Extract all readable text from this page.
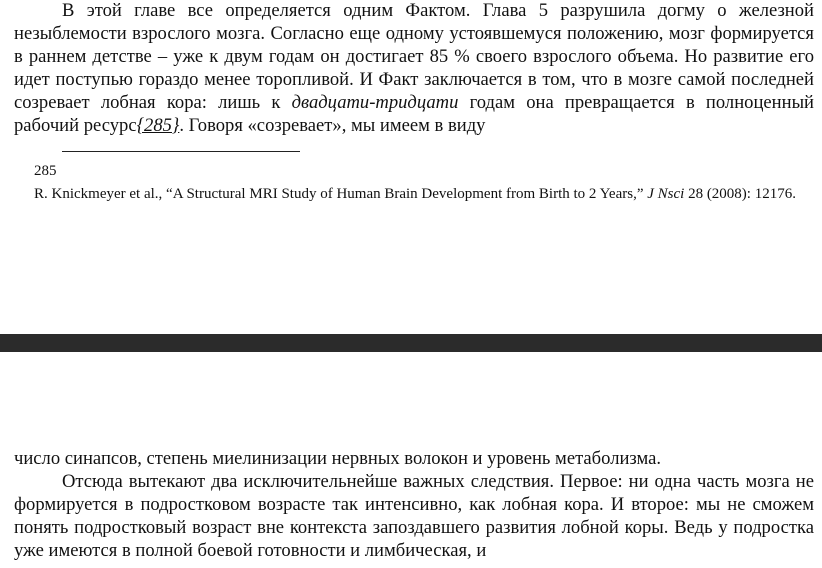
В этой главе все определяется одним Фактом. Глава 5 разрушила догму о железной незыблемости взрослого мозга. Согласно еще одному устоявшемуся положению, мозг формируется в раннем детстве – уже к двум годам он достигает 85 % своего взрослого объема. Но развитие его идет поступью гораздо менее торопливой. И Факт заключается в том, что в мозге самой последней созревает лобная кора: лишь к двадцати-тридцати годам она превращается в полноценный рабочий ресурс{285}. Говоря «созревает», мы имеем в виду

285

R. Knickmeyer et al., “A Structural MRI Study of Human Brain Development from Birth to 2 Years,” J Nsci 28 (2008): 12176.

число синапсов, степень миелинизации нервных волокон и уровень метаболизма.

Отсюда вытекают два исключительнейше важных следствия. Первое: ни одна часть мозга не формируется в подростковом возрасте так интенсивно, как лобная кора. И второе: мы не сможем понять подростковый возраст вне контекста запоздавшего развития лобной коры. Ведь у подростка уже имеются в полной боевой готовности и лимбическая, и
